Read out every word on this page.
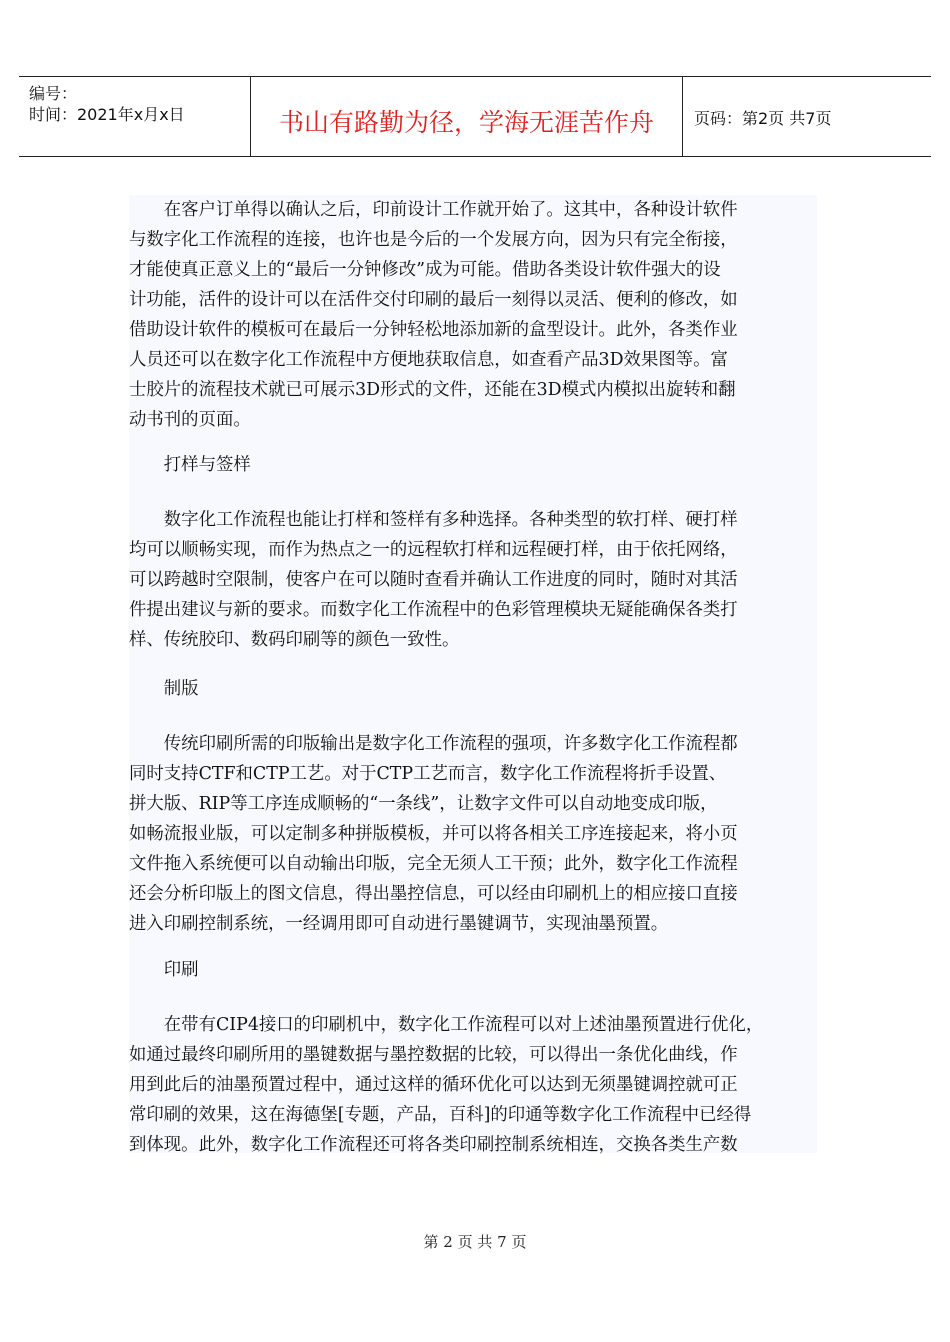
编号：
时间：2021年x月x日	书山有路勤为径，学海无涯苦作舟	页码：第2页 共7页
　　在客户订单得以确认之后，印前设计工作就开始了。这其中，各种设计软件
与数字化工作流程的连接，也许也是今后的一个发展方向，因为只有完全衔接，
才能使真正意义上的“最后一分钟修改”成为可能。借助各类设计软件强大的设
计功能，活件的设计可以在活件交付印刷的最后一刻得以灵活、便利的修改，如
借助设计软件的模板可在最后一分钟轻松地添加新的盒型设计。此外，各类作业
人员还可以在数字化工作流程中方便地获取信息，如查看产品3D效果图等。富
士胶片的流程技术就已可展示3D形式的文件，还能在3D模式内模拟出旋转和翻
动书刊的页面。
　　打样与签样
　　数字化工作流程也能让打样和签样有多种选择。各种类型的软打样、硬打样
均可以顺畅实现，而作为热点之一的远程软打样和远程硬打样，由于依托网络，
可以跨越时空限制，使客户在可以随时查看并确认工作进度的同时，随时对其活
件提出建议与新的要求。而数字化工作流程中的色彩管理模块无疑能确保各类打
样、传统胶印、数码印刷等的颜色一致性。
　　制版
　　传统印刷所需的印版输出是数字化工作流程的强项，许多数字化工作流程都
同时支持CTF和CTP工艺。对于CTP工艺而言，数字化工作流程将折手设置、
拼大版、RIP等工序连成顺畅的“一条线”，让数字文件可以自动地变成印版，
如畅流报业版，可以定制多种拼版模板，并可以将各相关工序连接起来，将小页
文件拖入系统便可以自动输出印版，完全无须人工干预；此外，数字化工作流程
还会分析印版上的图文信息，得出墨控信息，可以经由印刷机上的相应接口直接
进入印刷控制系统，一经调用即可自动进行墨键调节，实现油墨预置。
　　印刷
　　在带有CIP4接口的印刷机中，数字化工作流程可以对上述油墨预置进行优化，
如通过最终印刷所用的墨键数据与墨控数据的比较，可以得出一条优化曲线，作
用到此后的油墨预置过程中，通过这样的循环优化可以达到无须墨键调控就可正
常印刷的效果，这在海德堡[专题，产品，百科]的印通等数字化工作流程中已经得
到体现。此外，数字化工作流程还可将各类印刷控制系统相连，交换各类生产数
第 2 页 共 7 页
